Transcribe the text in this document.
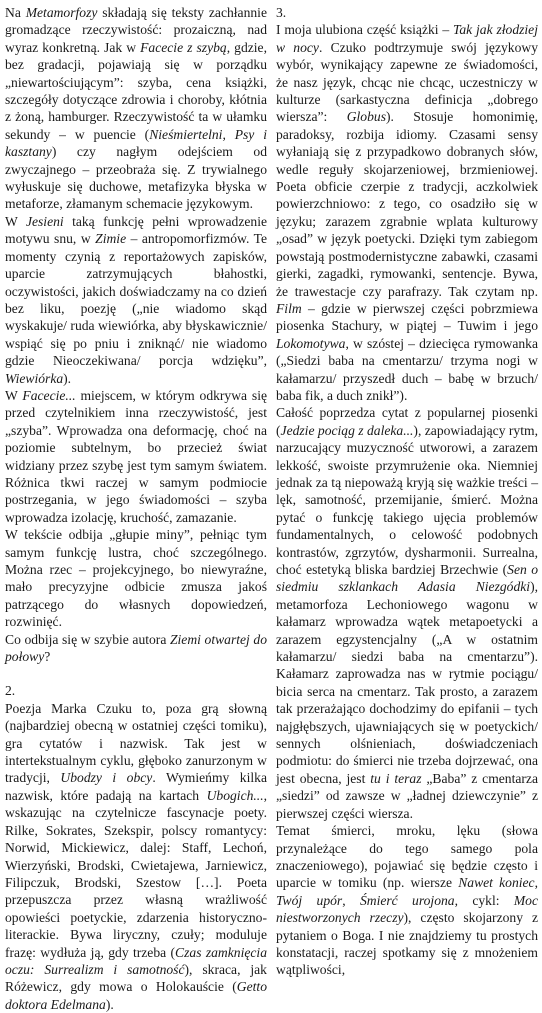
Na Metamorfozy składają się teksty zachłannie gromadzące rzeczywistość: prozaiczną, nad wyraz konkretną. Jak w Facecie z szybą, gdzie, bez gradacji, pojawiają się w porządku „niewartościującym”: szyba, cena książki, szczegóły dotyczące zdrowia i choroby, kłótnia z żoną, hamburger. Rzeczywistość ta w ułamku sekundy – w puencie (Nieśmiertelni, Psy i kasztany) czy nagłym odejściem od zwyczajnego – przeobraża się. Z trywialnego wyłuskuje się duchowe, metafizyka błyska w metaforze, złamanym schemacie językowym.

W Jesieni taką funkcję pełni wprowadzenie motywu snu, w Zimie – antropomorfizmów. Te momenty czynią z reportażowych zapisków, uparcie zatrzymujących błahostki, oczywistości, jakich doświadczamy na co dzień bez liku, poezję („nie wiadomo skąd wyskakuje/ ruda wiewiórka, aby błyskawicznie/ wspiąć się po pniu i zniknąć/ nie wiadomo gdzie Nieoczekiwana/ porcja wdzięku”, Wiewiórka).

W Facecie... miejscem, w którym odkrywa się przed czytelnikiem inna rzeczywistość, jest „szyba”. Wprowadza ona deformację, choć na poziomie subtelnym, bo przecież świat widziany przez szybę jest tym samym światem. Różnica tkwi raczej w samym podmiocie postrzegania, w jego świadomości – szyba wprowadza izolację, kruchość, zamazanie.

W tekście odbija „głupie miny”, pełniąc tym samym funkcję lustra, choć szczególnego. Można rzec – projekcyjnego, bo niewyraźne, mało precyzyjne odbicie zmusza jakoś patrzącego do własnych dopowiedzeń, rozwinięć.

Co odbija się w szybie autora Ziemi otwartej do połowy?

2.

Poezja Marka Czuku to, poza grą słowną (najbardziej obecną w ostatniej części tomiku), gra cytatów i nazwisk. Tak jest w intertekstualnym cyklu, głęboko zanurzonym w tradycji, Ubodzy i obcy. Wymieńmy kilka nazwisk, które padają na kartach Ubogich..., wskazując na czytelnicze fascynacje poety. Rilke, Sokrates, Szekspir, polscy romantycy: Norwid, Mickiewicz, dalej: Staff, Lechoń, Wierzyński, Brodski, Cwietajewa, Jarniewicz, Filipczuk, Brodski, Szestow […]. Poeta przepuszcza przez własną wrażliwość opowieści poetyckie, zdarzenia historyczno-literackie. Bywa liryczny, czuły; moduluje frazę: wydłuża ją, gdy trzeba (Czas zamknięcia oczu: Surrealizm i samotność), skraca, jak Różewicz, gdy mowa o Holokauście (Getto doktora Edelmana).

3.

I moja ulubiona część książki – Tak jak złodziej w nocy. Czuko podtrzymuje swój językowy wybór, wynikający zapewne ze świadomości, że nasz język, chcąc nie chcąc, uczestniczy w kulturze (sarkastyczna definicja „dobrego wiersza”: Globus). Stosuje homonimię, paradoksy, rozbija idiomy. Czasami sensy wyłaniają się z przypadkowo dobranych słów, wedle reguły skojarzeniowej, brzmieniowej. Poeta obficie czerpie z tradycji, aczkolwiek powierzchniowo: z tego, co osadziło się w języku; zarazem zgrabnie wplata kulturowy „osad” w język poetycki. Dzięki tym zabiegom powstają postmodernistyczne zabawki, czasami gierki, zagadki, rymowanki, sentencje. Bywa, że trawestacje czy parafrazy. Tak czytam np. Film – gdzie w pierwszej części pobrzmiewa piosenka Stachury, w piątej – Tuwim i jego Lokomotywa, w szóstej – dziecięca rymowanka („Siedzi baba na cmentarzu/ trzyma nogi w kałamarzu/ przyszedł duch – babę w brzuch/ baba fik, a duch znikł”).

Całość poprzedza cytat z popularnej piosenki (Jedzie pociąg z daleka...), zapowiadający rytm, narzucający muzyczność utworowi, a zarazem lekkość, swoiste przymrużenie oka. Niemniej jednak za tą niepoważą kryją się ważkie treści – lęk, samotność, przemijanie, śmierć. Można pytać o funkcję takiego ujęcia problemów fundamentalnych, o celowość podobnych kontrastów, zgrzytów, dysharmonii. Surrealna, choć estetyką bliska bardziej Brzechwie (Sen o siedmiu szklankach Adasia Niezgódki), metamorfoza Lechoniowego wagonu w kałamarz wprowadza wątek metapoetycki a zarazem egzystencjalny („A w ostatnim kałamarzu/ siedzi baba na cmentarzu”). Kałamarz zaprowadza nas w rytmie pociągu/ bicia serca na cmentarz. Tak prosto, a zarazem tak przerażająco dochodzimy do epifanii – tych najgłębszych, ujawniających się w poetyckich/ sennych olśnieniach, doświadczeniach podmiotu: do śmierci nie trzeba dojrzewać, ona jest obecna, jest tu i teraz „Baba” z cmentarza „siedzi” od zawsze w „ładnej dziewczynie” z pierwszej części wiersza.

Temat śmierci, mroku, lęku (słowa przynależące do tego samego pola znaczeniowego), pojawiać się będzie często i uparcie w tomiku (np. wiersze Nawet koniec, Twój upór, Śmierć urojona, cykl: Moc niestworzonych rzeczy), często skojarzony z pytaniem o Boga. I nie znajdziemy tu prostych konstatacji, raczej spotkamy się z mnożeniem wątpliwości,
